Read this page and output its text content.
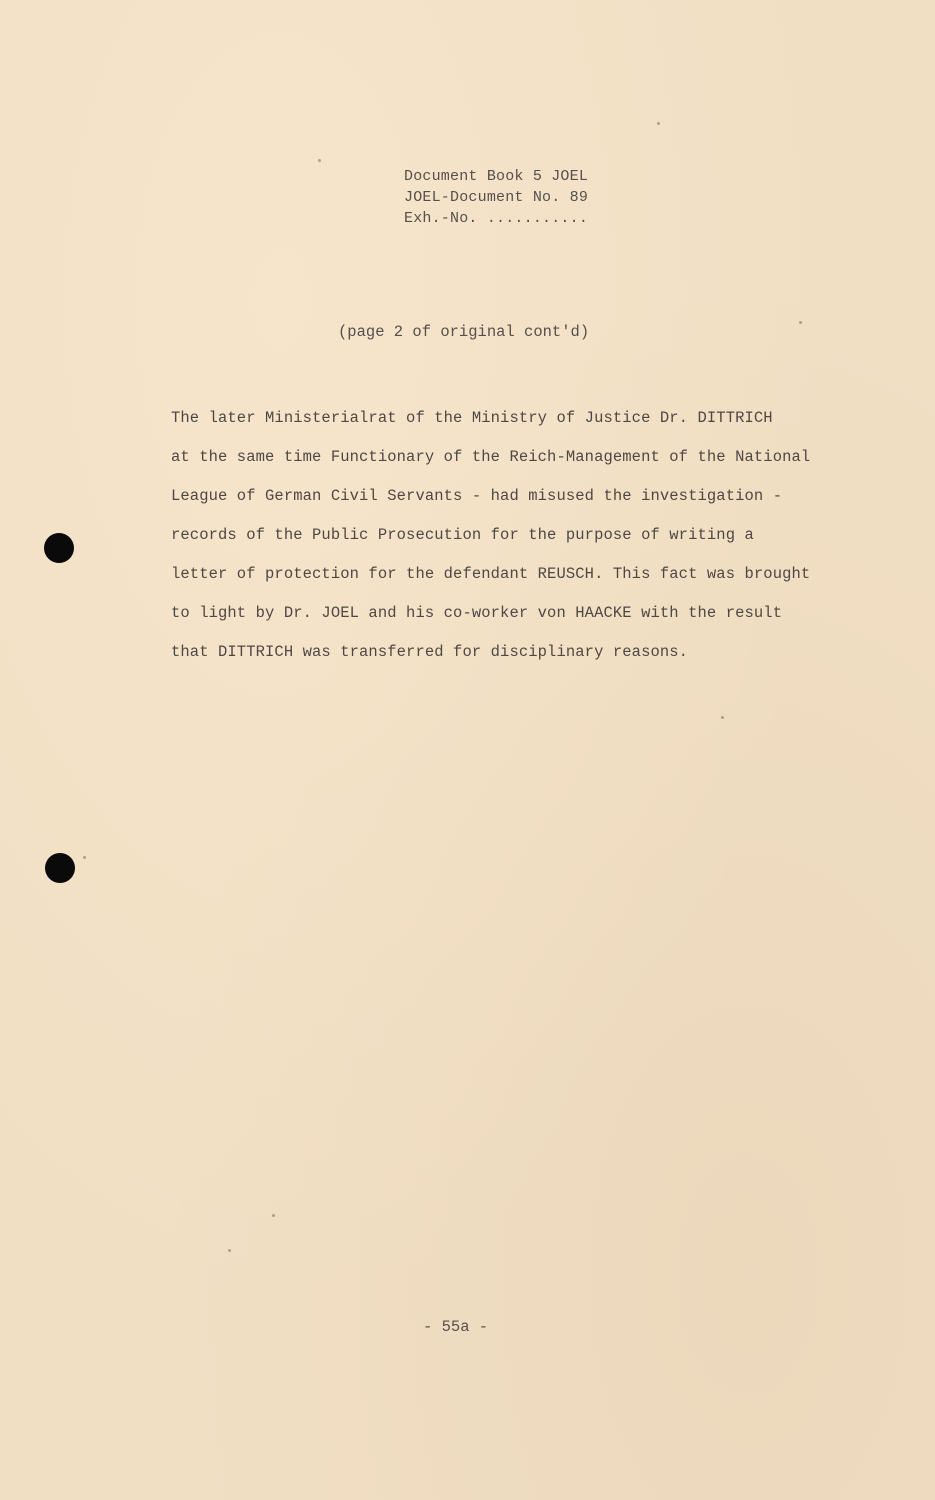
Document Book 5 JOEL
JOEL-Document No. 89
Exh.-No. ...........
(page 2 of original cont'd)
The later Ministerialrat of the Ministry of Justice Dr. DITTRICH
at the same time Functionary of the Reich-Management of the National
League of German Civil Servants - had misused the investigation -
records of the Public Prosecution for the purpose of writing a
letter of protection for the defendant REUSCH. This fact was brought
to light by Dr. JOEL and his co-worker von HAACKE with the result
that DITTRICH was transferred for disciplinary reasons.
- 55a -
